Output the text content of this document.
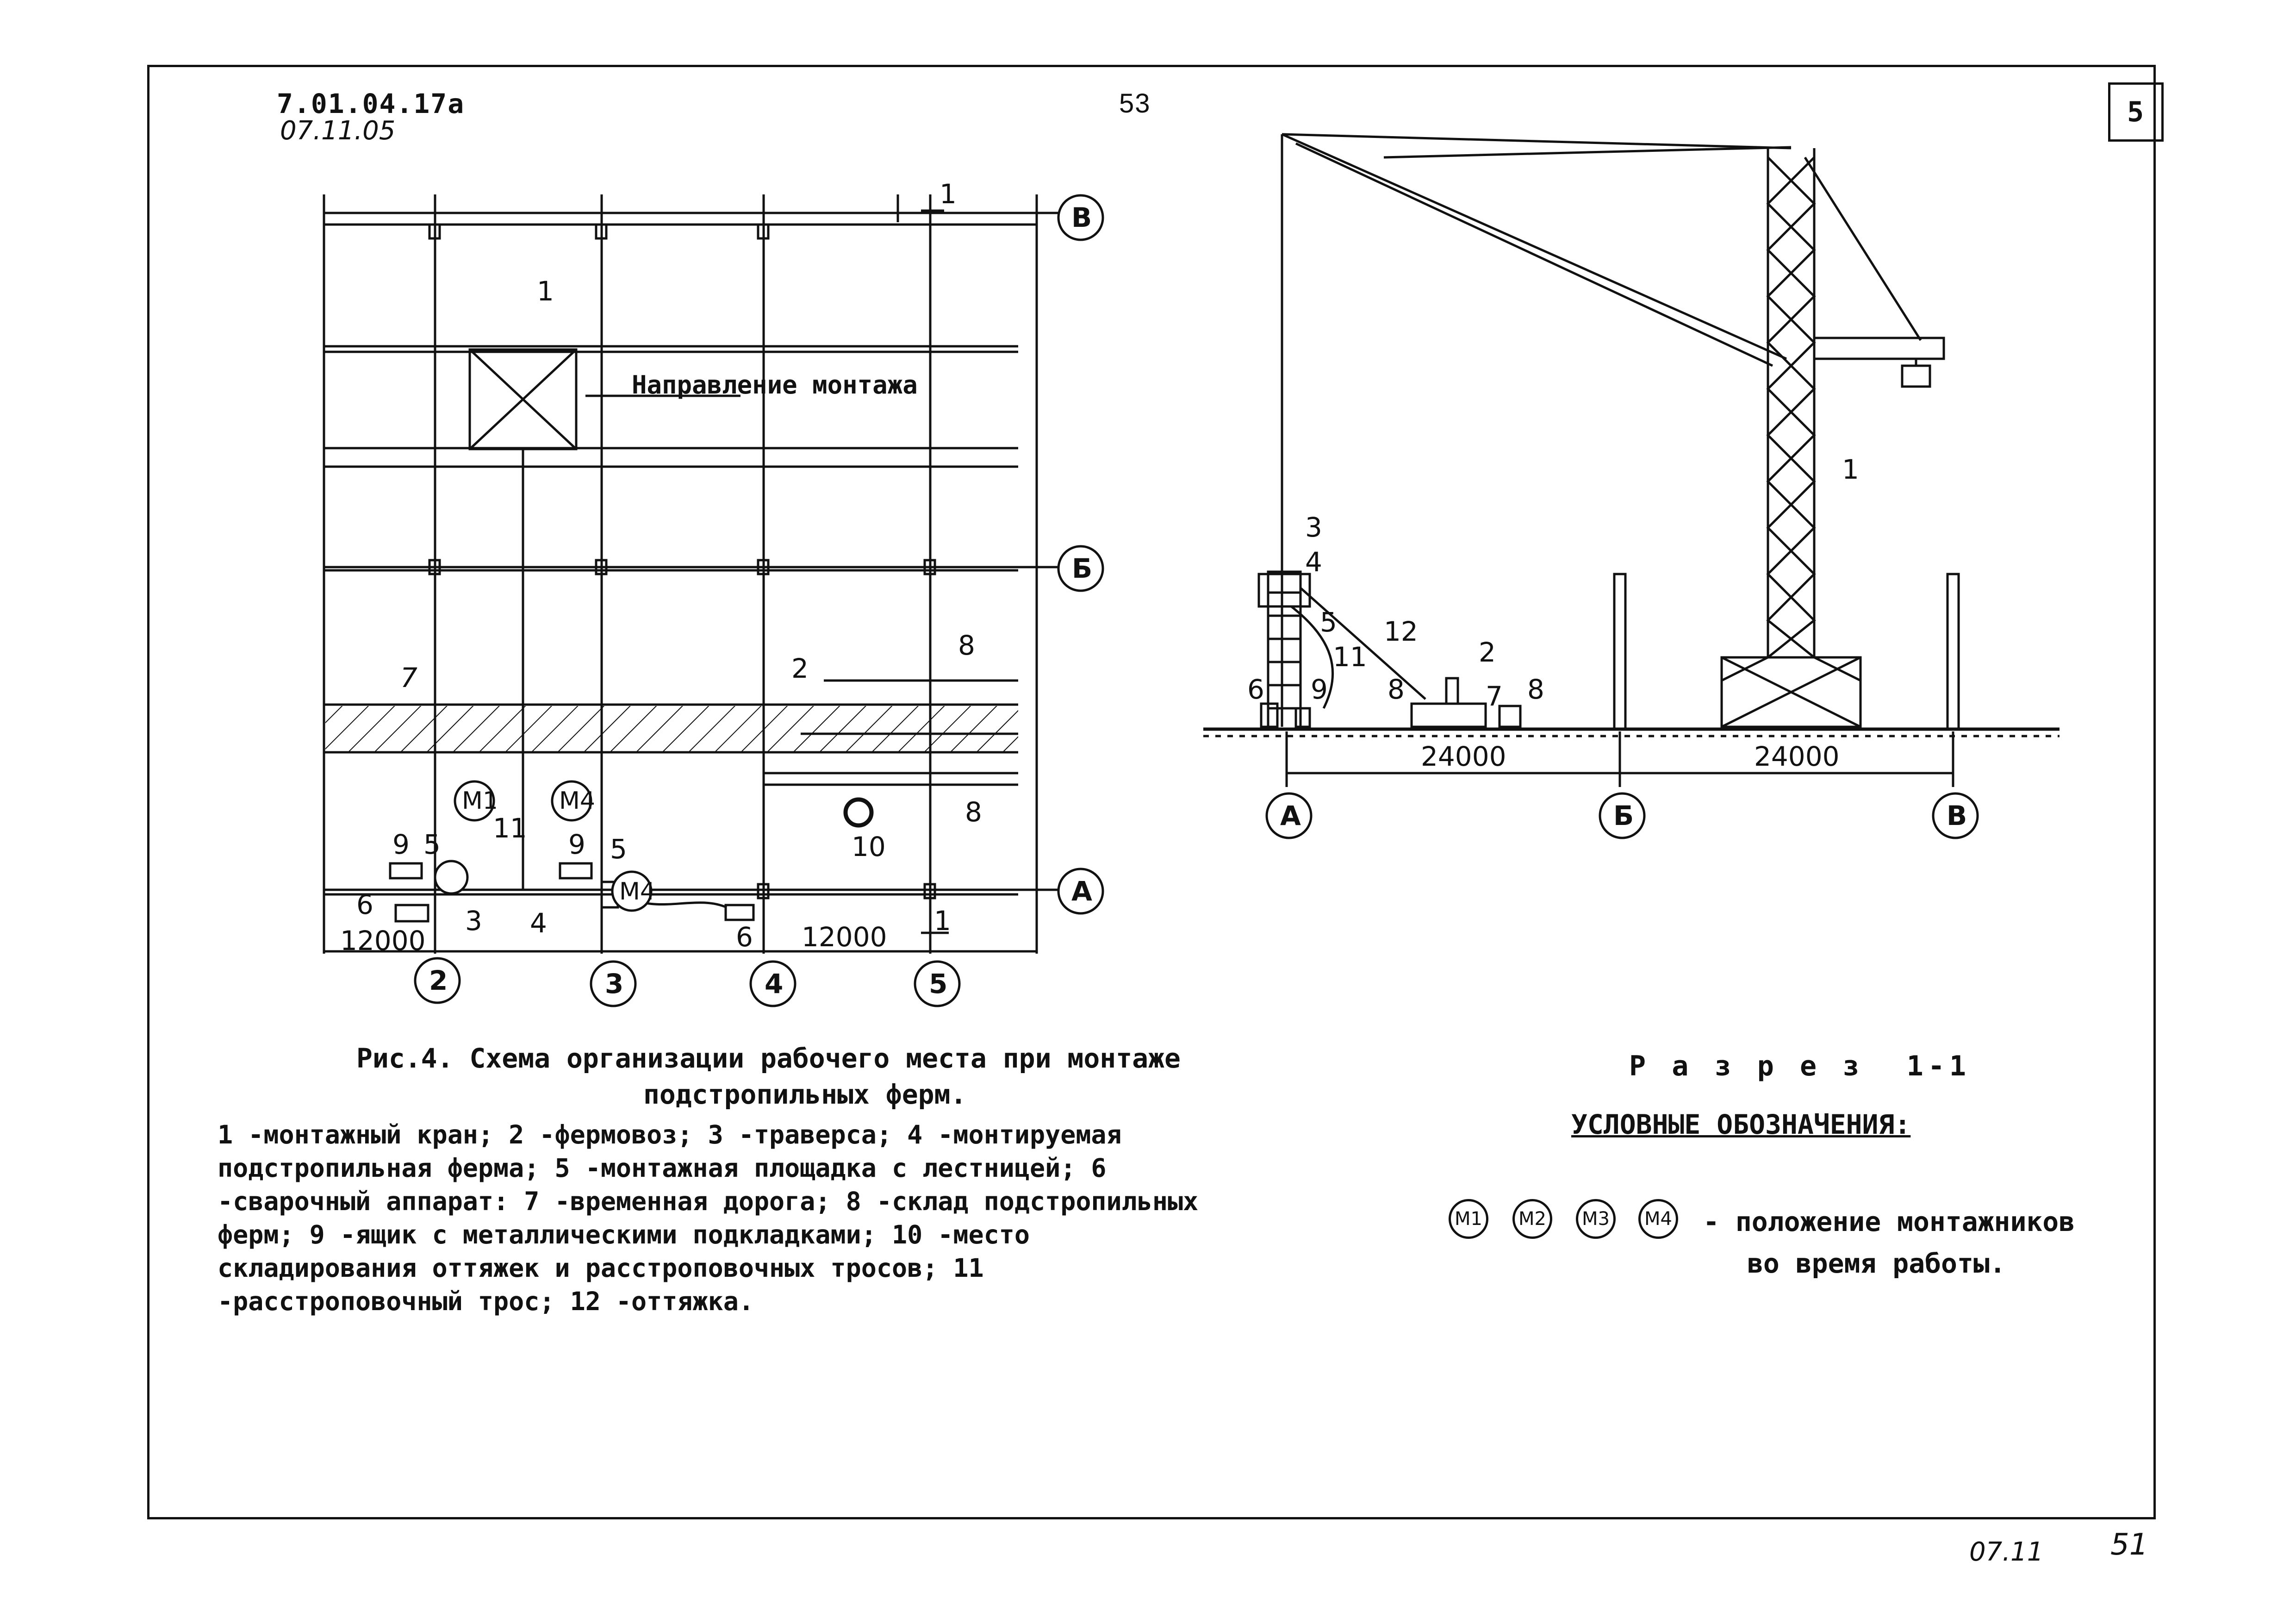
5
7.01.04.17а
07.11.05
53
В
Б
А
2	3	4	5
Направление монтажа
12000	12000
1
1
M1	M4
M4
1
2
3 4
5	5
6
7
8
8
9	9	10
11
6
А	Б	В
24000	24000
1
2
3
4
5
6	7
8	8
9
11
12
Рис.4. Схема организации рабочего места при монтаже
подстропильных ферм.
1 -монтажный кран; 2 -фермовоз; 3 -траверса; 4 -монтируемая подстропильная ферма; 5 -монтажная площадка с лестницей; 6 -сварочный аппарат: 7 -временная дорога; 8 -склад подстропильных ферм; 9 -ящик с металлическими подкладками; 10 -место складирования оттяжек и расстроповочных тросов; 11 -расстроповочный трос; 12 -оттяжка.
Р а з р е з  1-1
УСЛОВНЫЕ ОБОЗНАЧЕНИЯ:
M1 M2 M3 M4 - положение монтажников
во время работы.
07.11 51
